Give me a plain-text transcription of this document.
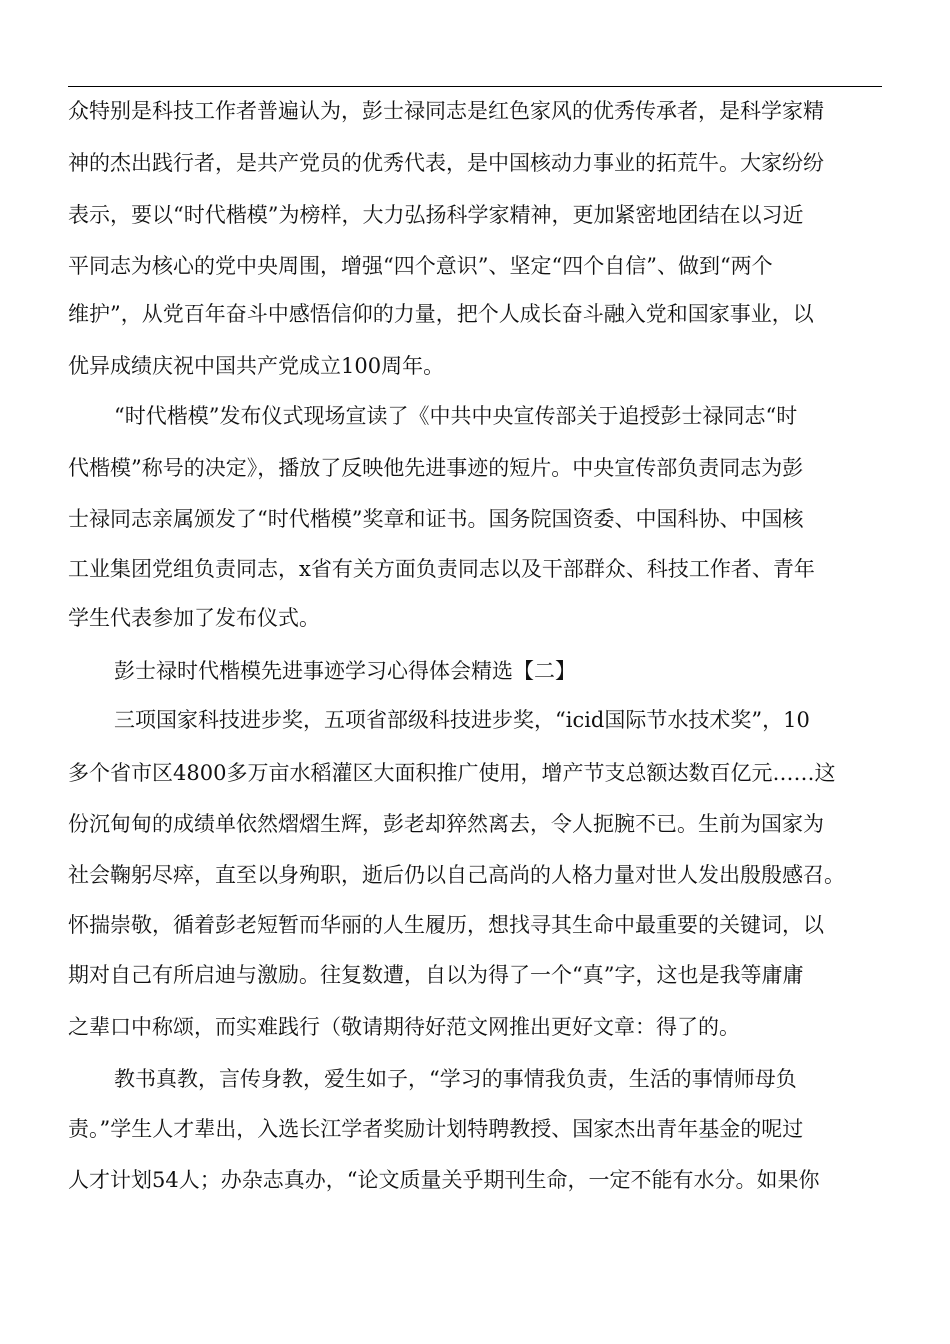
众特别是科技工作者普遍认为，彭士禄同志是红色家风的优秀传承者，是科学家精
神的杰出践行者，是共产党员的优秀代表，是中国核动力事业的拓荒牛。大家纷纷
表示，要以“时代楷模”为榜样，大力弘扬科学家精神，更加紧密地团结在以习近
平同志为核心的党中央周围，增强“四个意识”、坚定“四个自信”、做到“两个
维护”，从党百年奋斗中感悟信仰的力量，把个人成长奋斗融入党和国家事业，以
优异成绩庆祝中国共产党成立100周年。
“时代楷模”发布仪式现场宣读了《中共中央宣传部关于追授彭士禄同志“时
代楷模”称号的决定》，播放了反映他先进事迹的短片。中央宣传部负责同志为彭
士禄同志亲属颁发了“时代楷模”奖章和证书。国务院国资委、中国科协、中国核
工业集团党组负责同志，x省有关方面负责同志以及干部群众、科技工作者、青年
学生代表参加了发布仪式。
彭士禄时代楷模先进事迹学习心得体会精选【二】
三项国家科技进步奖，五项省部级科技进步奖，“icid国际节水技术奖”，10
多个省市区4800多万亩水稻灌区大面积推广使用，增产节支总额达数百亿元……这
份沉甸甸的成绩单依然熠熠生辉，彭老却猝然离去，令人扼腕不已。生前为国家为
社会鞠躬尽瘁，直至以身殉职，逝后仍以自己高尚的人格力量对世人发出殷殷感召。
怀揣崇敬，循着彭老短暂而华丽的人生履历，想找寻其生命中最重要的关键词，以
期对自己有所启迪与激励。往复数遭，自以为得了一个“真”字，这也是我等庸庸
之辈口中称颂，而实难践行（敬请期待好范文网推出更好文章：得了的。
教书真教，言传身教，爱生如子，“学习的事情我负责，生活的事情师母负
责。”学生人才辈出，入选长江学者奖励计划特聘教授、国家杰出青年基金的呢过
人才计划54人；办杂志真办，“论文质量关乎期刊生命，一定不能有水分。如果你
